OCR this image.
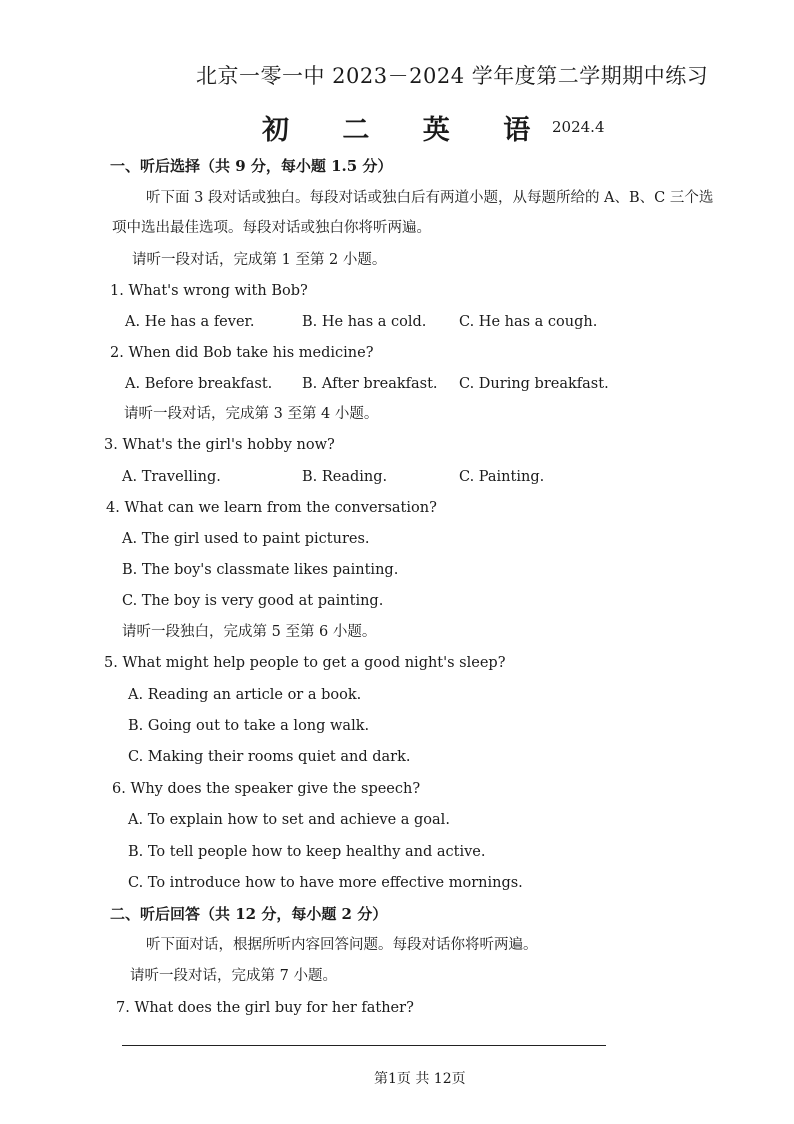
北京一零一中 2023－2024 学年度第二学期期中练习
初 二 英 语 2024.4
一、听后选择（共 9 分，每小题 1.5 分）
听下面 3 段对话或独白。每段对话或独白后有两道小题，从每题所给的 A、B、C 三个选
项中选出最佳选项。每段对话或独白你将听两遍。
请听一段对话，完成第 1 至第 2 小题。
1. What's wrong with Bob?
A. He has a fever.	B. He has a cold. C. He has a cough.
2. When did Bob take his medicine?
A. Before breakfast. B. After breakfast. C. During breakfast.
请听一段对话，完成第 3 至第 4 小题。
3. What's the girl's hobby now?
A. Travelling.	B. Reading.	C. Painting.
4. What can we learn from the conversation?
A. The girl used to paint pictures.
B. The boy's classmate likes painting.
C. The boy is very good at painting.
请听一段独白，完成第 5 至第 6 小题。
5. What might help people to get a good night's sleep?
A. Reading an article or a book.
B. Going out to take a long walk.
C. Making their rooms quiet and dark.
6. Why does the speaker give the speech?
A. To explain how to set and achieve a goal.
B. To tell people how to keep healthy and active.
C. To introduce how to have more effective mornings.
二、听后回答（共 12 分，每小题 2 分）
听下面对话，根据所听内容回答问题。每段对话你将听两遍。
请听一段对话，完成第 7 小题。
7. What does the girl buy for her father?
第1页 共 12页
